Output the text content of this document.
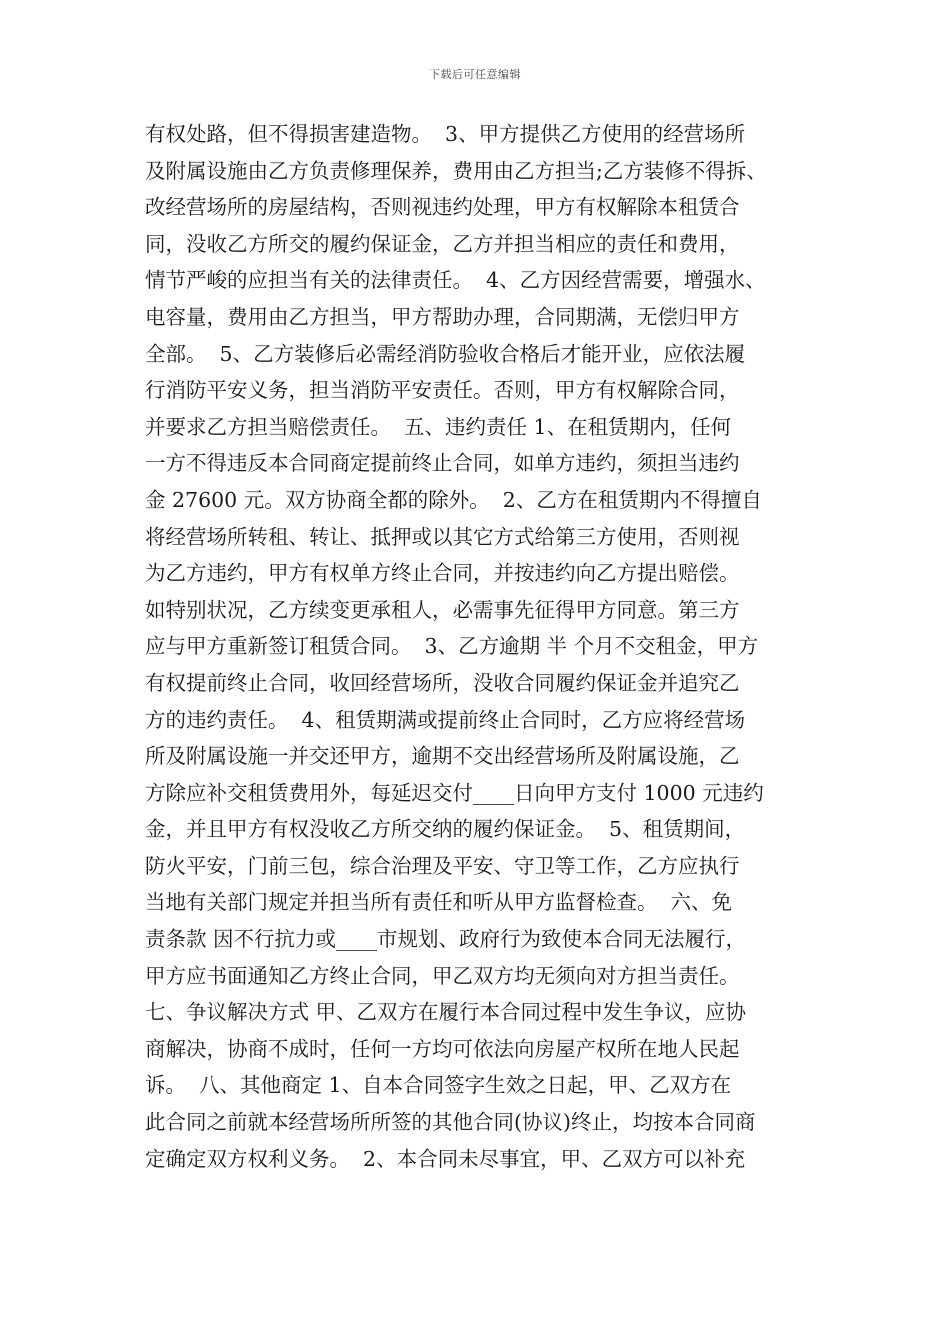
下载后可任意编辑
有权处路，但不得损害建造物。  3、甲方提供乙方使用的经营场所
及附属设施由乙方负责修理保养，费用由乙方担当;乙方装修不得拆、
改经营场所的房屋结构，否则视违约处理，甲方有权解除本租赁合
同，没收乙方所交的履约保证金，乙方并担当相应的责任和费用，
情节严峻的应担当有关的法律责任。  4、乙方因经营需要，增强水、
电容量，费用由乙方担当，甲方帮助办理，合同期满，无偿归甲方
全部。  5、乙方装修后必需经消防验收合格后才能开业，应依法履
行消防平安义务，担当消防平安责任。否则，甲方有权解除合同，
并要求乙方担当赔偿责任。  五、违约责任 1、在租赁期内，任何
一方不得违反本合同商定提前终止合同，如单方违约，须担当违约
金 27600 元。双方协商全都的除外。  2、乙方在租赁期内不得擅自
将经营场所转租、转让、抵押或以其它方式给第三方使用，否则视
为乙方违约，甲方有权单方终止合同，并按违约向乙方提出赔偿。
如特别状况，乙方续变更承租人，必需事先征得甲方同意。第三方
应与甲方重新签订租赁合同。  3、乙方逾期 半 个月不交租金，甲方
有权提前终止合同，收回经营场所，没收合同履约保证金并追究乙
方的违约责任。  4、租赁期满或提前终止合同时，乙方应将经营场
所及附属设施一并交还甲方，逾期不交出经营场所及附属设施，乙
方除应补交租赁费用外，每延迟交付____日向甲方支付 1000 元违约
金，并且甲方有权没收乙方所交纳的履约保证金。  5、租赁期间，
防火平安，门前三包，综合治理及平安、守卫等工作，乙方应执行
当地有关部门规定并担当所有责任和听从甲方监督检查。  六、免
责条款 因不行抗力或____市规划、政府行为致使本合同无法履行，
甲方应书面通知乙方终止合同，甲乙双方均无须向对方担当责任。
七、争议解决方式 甲、乙双方在履行本合同过程中发生争议，应协
商解决，协商不成时，任何一方均可依法向房屋产权所在地人民起
诉。  八、其他商定 1、自本合同签字生效之日起，甲、乙双方在
此合同之前就本经营场所所签的其他合同(协议)终止，均按本合同商
定确定双方权利义务。  2、本合同未尽事宜，甲、乙双方可以补充
